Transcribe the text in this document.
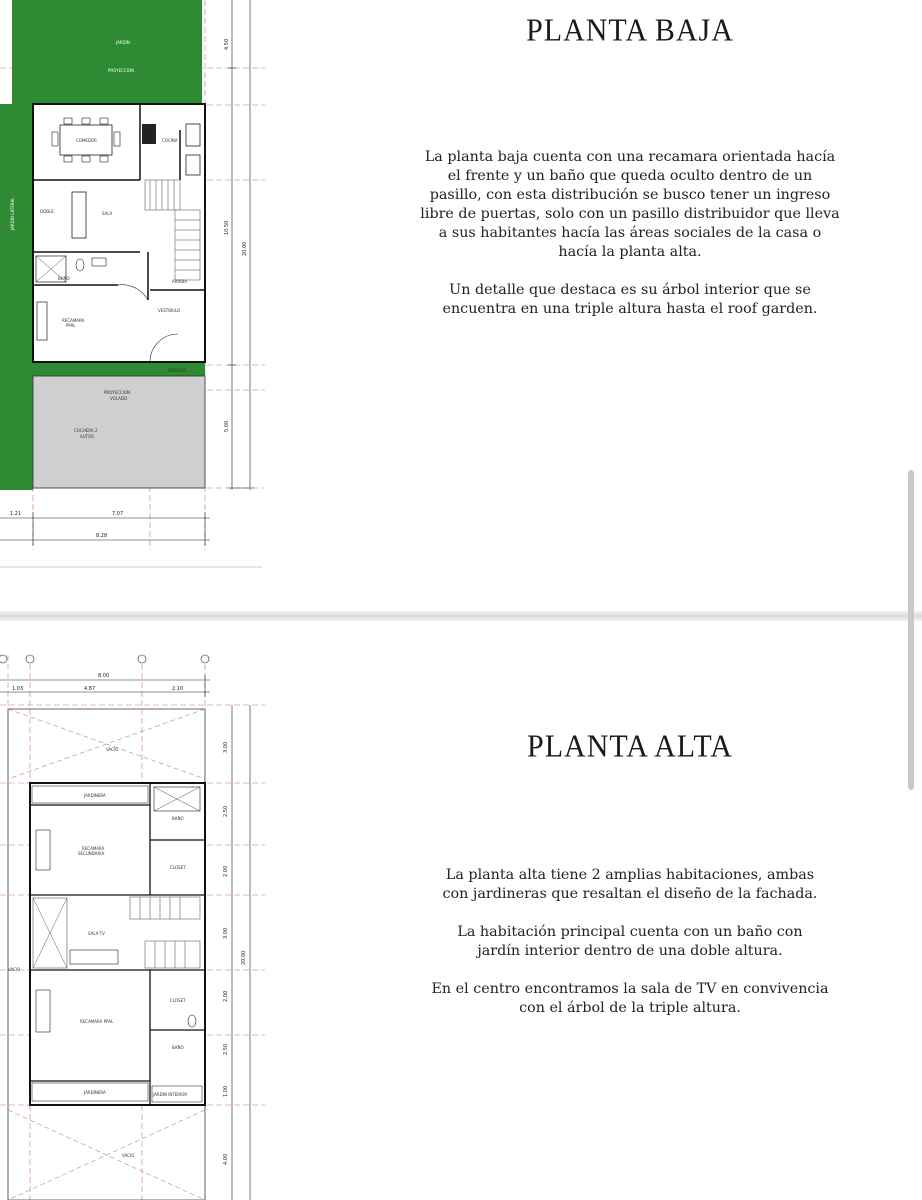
JARDIN
PROYECCION
JARDIN LATERAL
COMEDOR	COCINA
SALA
DOBLE
ARRIBA
BAÑO
RECAMARA
PPAL
VESTIBULO
INGRESO
PROYECCION
VOLADO
COCHERA 2
AUTOS
4.50
10.50
20.00
5.00
1.21	7.07
8.28
PLANTA BAJA

La planta baja cuenta con una recamara orientada hacía el frente y un baño que queda oculto dentro de un pasillo, con esta distribución se busco tener un ingreso libre de puertas, solo con un pasillo distribuidor que lleva a sus habitantes hacía las áreas sociales de la casa o hacía la planta alta.

Un detalle que destaca es su árbol interior que se encuentra en una triple altura hasta el roof garden.

8.00
1.03	4.87	2.10
VACIO
VACIO
VACIO
JARDINERA
JARDINERA	JARDIN INTERIOR
RECAMARA
SECUNDARIA
RECAMARA PPAL
BAÑO
CLOSET
CLOSET
BAÑO
SALA TV
3.00
2.50
2.00
3.00
20.00
2.00
2.50
1.00
4.00
PLANTA ALTA

La planta alta tiene 2 amplias habitaciones, ambas con jardineras que resaltan el diseño de la fachada.

La habitación principal cuenta con un baño con jardín interior dentro de una doble altura.

En el centro encontramos la sala de TV en convivencia con el árbol de la triple altura.
